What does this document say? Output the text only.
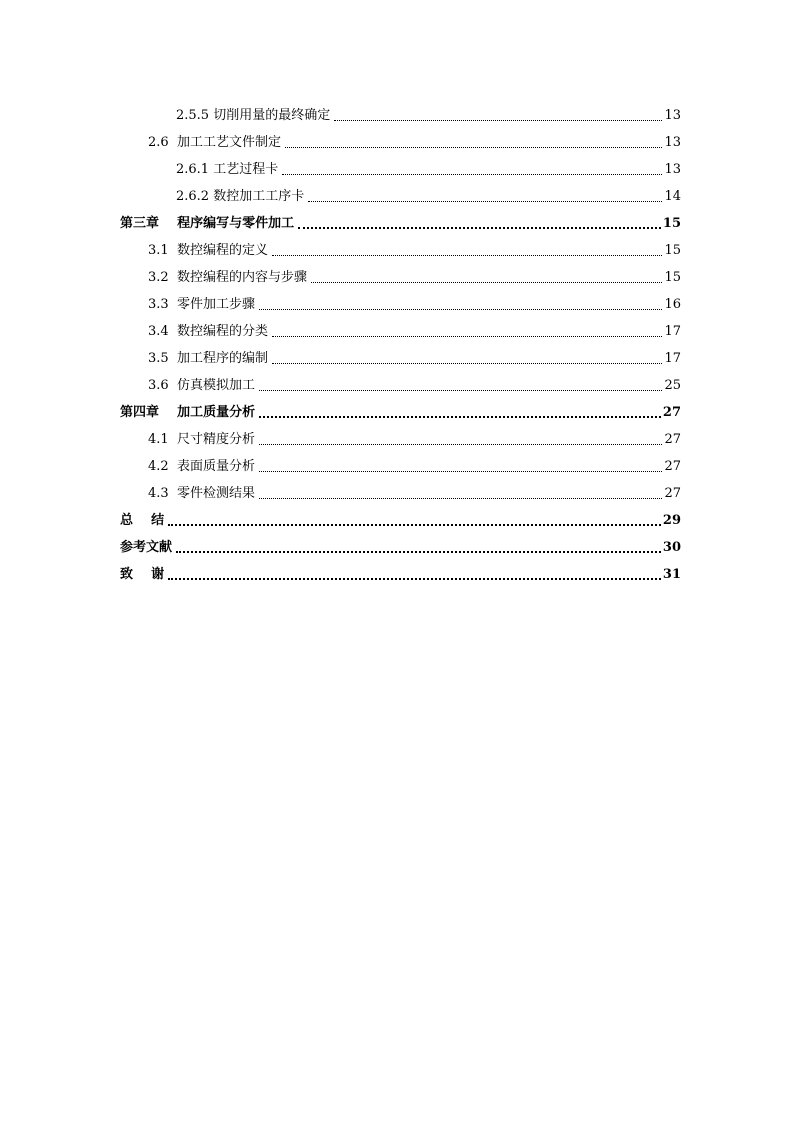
2.5.5 切削用量的最终确定	13
2.6  加工工艺文件制定	13
2.6.1 工艺过程卡	13
2.6.2 数控加工工序卡	14
第三章    程序编写与零件加工	15
3.1  数控编程的定义	15
3.2  数控编程的内容与步骤	15
3.3  零件加工步骤	16
3.4  数控编程的分类	17
3.5  加工程序的编制	17
3.6  仿真模拟加工	25
第四章    加工质量分析	27
4.1  尺寸精度分析	27
4.2  表面质量分析	27
4.3  零件检测结果	27
总    结	29
参考文献	30
致    谢	31
